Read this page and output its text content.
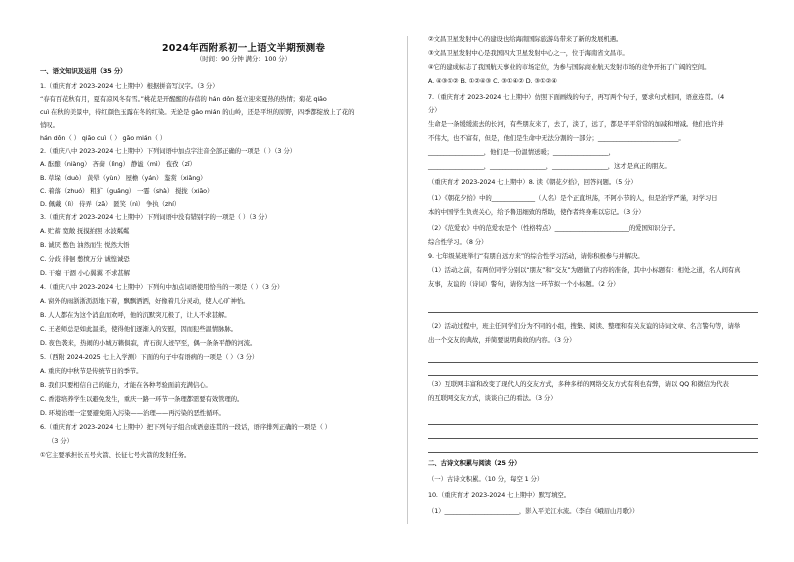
2024年西附系初一上语文半期预测卷
（时间：90 分钟 满分：100 分）
一、语文知识及运用（35 分）
1.（重庆育才 2023-2024 七上期中）根据拼音写汉字。（3 分）
“春有百花秋有月，夏有凉风冬有雪。”桃花是开醒醒的春蓓的 hán dǒn 挺立迎来夏热的热情；菊花 qiāo
cuì 在秋的美景中，待红颜色玉露在冬的红染。无论是 gāo mián 的山岭，还是平坦的原野，四季都绽放上了花的
悄叹。
hán dǒn（ ） qiāo cuì（ ） gāo mián（ ）
2.（重庆八中 2023-2024 七上期中）下列词语中加点字注音全部正确的一项是（ ）（3 分）
A. 酝酿（niàng） 吝啬（lìng） 静谧（mì） 苞孜（zī）
B. 草垛（duò） 黄晕（yùn） 屋檐（yán） 鉴赏（xiǎng）
C. 着落（zhuó） 粗犷（guǎng） 一霎（shà） 搅拢（xiāo）
D. 佩戴（lì） 侍弄（zā） 匿笑（nì） 争执（zhí）
3.（重庆育才 2023-2024 七上期中）下列词语中没有错别字的一项是（ ）（3 分）
A. 贮蓄 宽敞 抚摸拍照 水波粼粼
B. 诚厌 憋色 油然而生 悦然大悟
C. 分歧 徘徊 憋愤万分 诚惶诚恐
D. 干瘪 干涸 小心翼翼 不求甚解
4.（重庆八中 2023-2024 七上期中）下列句中加点词语使用恰当的一项是（ ）（3 分）
A. 窗外的雨浙浙沥沥地下着，飘飘洒洒，好像着几分灵动，使人心旷神怡。
B. 人人都在为这个消息而欢呼，他的沉默突兀极了，让人不求甚解。
C. 王老师总是如此温柔，使得他们逐渐入的安慰，因而犯些温情脉脉。
D. 夜色袭来，热闹的小城万籁俱寂，青石街人迹罕至，偶一条条平静的河流。
5.（西附 2024-2025 七上入学测）下面的句子中有语病的一项是（ ）（3 分）
A. 重庆的中秋节是传统节日的季节。
B. 我们只要相信自己的能力，才能在各种考验面前充满信心。
C. 香港培养学生以避免发生，重庆一路一环节一条理都需要有效管理的。
D. 环境治理一定要避免陷入污染——治理——再污染的恶性循环。
6.（重庆育才 2023-2024 七上期中）把下列句子组合成语意连贯的一段话，语序排列正确的一项是（ ）
（3 分）
①它主要承担长五号火箭、长征七号火箭的发射任务。
②文昌卫星发射中心的建设也给海南国际旅游岛带来了新的发展机遇。
③文昌卫星发射中心是我国四大卫星发射中心之一，位于海南省文昌市。
④它的建成标志了我国航天事业的市场定位，为参与国际商业航天发射市场的竞争开拓了广阔的空间。
A. ④③①② B. ①②④③ C. ③①④② D. ③①②④
7.（重庆育才 2023-2024 七上期中）仿照下面画线的句子，再写两个句子，要求句式相同，语意连贯。（4
分）
生命是一条缓缓流去的长河，有些朋友来了，去了，淡了，远了，都是平平常常的加减和增减。他们也许并
不伟大，也不富有，但是，他们是生命中无法分割的一部分；__________________________。
__________________，他们是一份温情送暖；__________________，
__________________，__________________，__________________，这才是真正的朋友。
（重庆育才 2023-2024 七上期中）8. 读《朝花夕拾》，回答问题。（5 分）
（1）《朝花夕拾》中的______________（人名）是个正直坦荡，不阿小节的人，但是治学严谨，对学习日
本的中国学生负责关心，给予鲁迅细致的帮助，使作者终身难以忘记。（3 分）
（2）《范爱农》中的范爱农是个（性格特点）________________________的爱国知识分子。
综合性学习。（8 分）
9. 七年级某班举行“有朋自远方来”的综合性学习活动，请你积极参与并解决。
（1）活动之前，有两位同学分别以“朋友”和“交友”为题做了内容的准备，其中小标题有：相处之道，名人间有真
友事，友谊的（诗词）警句，请你为这一环节拟一个小标题。（2 分）
（2）活动过程中，班主任同学们分为不同的小组，搜集、阅读、整理和有关友谊的诗词文章、名言警句等，请举
出一个交友的典故，并简要说明典故的内容。（3 分）
（3）互联网丰富和改变了现代人的交友方式，多种多样的网络交友方式有利也有弊，请以 QQ 和微信为代表
的互联网交友方式，谈谈自己的看法。（3 分）
二、古诗文积累与阅读（25 分）
（一）古诗文积累。（10 分，每空 1 分）
10.（重庆育才 2023-2024 七上期中）默写填空。
（1）________________________，影入平羌江水流。（李白《峨眉山月歌》）
